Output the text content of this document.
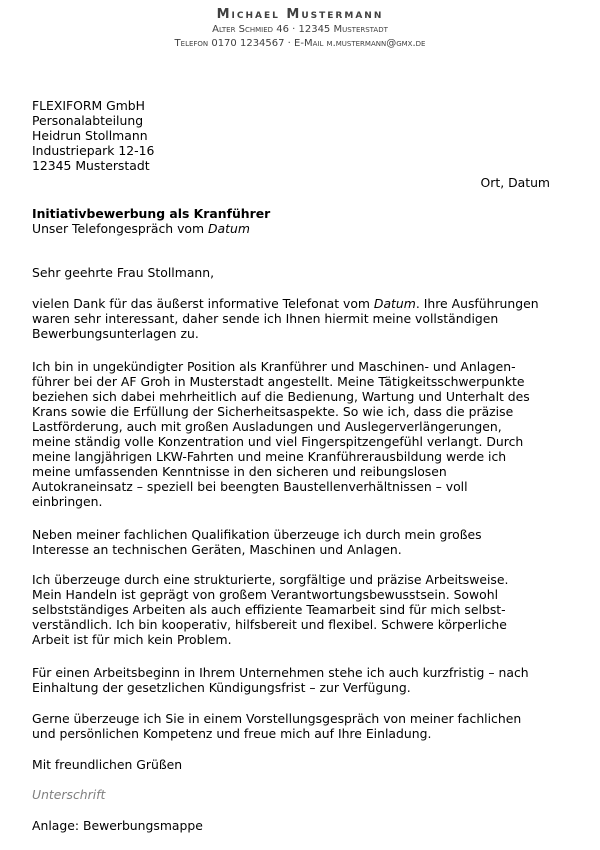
Michael Mustermann
Alter Schmied 46 · 12345 Musterstadt
Telefon 0170 1234567 · E-Mail m.mustermann@gmx.de
FLEXIFORM GmbH
Personalabteilung
Heidrun Stollmann
Industriepark 12-16
12345 Musterstadt
Ort, Datum
Initiativbewerbung als Kranführer
Unser Telefongespräch vom Datum
Sehr geehrte Frau Stollmann,

vielen Dank für das äußerst informative Telefonat vom Datum. Ihre Ausführungen waren sehr interessant, daher sende ich Ihnen hiermit meine vollständigen Bewerbungsunterlagen zu.

Ich bin in ungekündigter Position als Kranführer und Maschinen- und Anlagen-
führer bei der AF Groh in Musterstadt angestellt. Meine Tätigkeitsschwerpunkte
beziehen sich dabei mehrheitlich auf die Bedienung, Wartung und Unterhalt des
Krans sowie die Erfüllung der Sicherheitsaspekte. So wie ich, dass die präzise
Lastförderung, auch mit großen Ausladungen und Auslegerverlängerungen,
meine ständig volle Konzentration und viel Fingerspitzengefühl verlangt. Durch
meine langjährigen LKW-Fahrten und meine Kranführerausbildung werde ich
meine umfassenden Kenntnisse in den sicheren und reibungslosen
Autokraneinsatz – speziell bei beengten Baustellenverhältnissen – voll
einbringen.
Neben meiner fachlichen Qualifikation überzeuge ich durch mein großes
Interesse an technischen Geräten, Maschinen und Anlagen.
Ich überzeuge durch eine strukturierte, sorgfältige und präzise Arbeitsweise.
Mein Handeln ist geprägt von großem Verantwortungsbewusstsein. Sowohl
selbstständiges Arbeiten als auch effiziente Teamarbeit sind für mich selbst-
verständlich. Ich bin kooperativ, hilfsbereit und flexibel. Schwere körperliche
Arbeit ist für mich kein Problem.
Für einen Arbeitsbeginn in Ihrem Unternehmen stehe ich auch kurzfristig – nach
Einhaltung der gesetzlichen Kündigungsfrist – zur Verfügung.
Gerne überzeuge ich Sie in einem Vorstellungsgespräch von meiner fachlichen
und persönlichen Kompetenz und freue mich auf Ihre Einladung.
Mit freundlichen Grüßen
Unterschrift
Anlage: Bewerbungsmappe
